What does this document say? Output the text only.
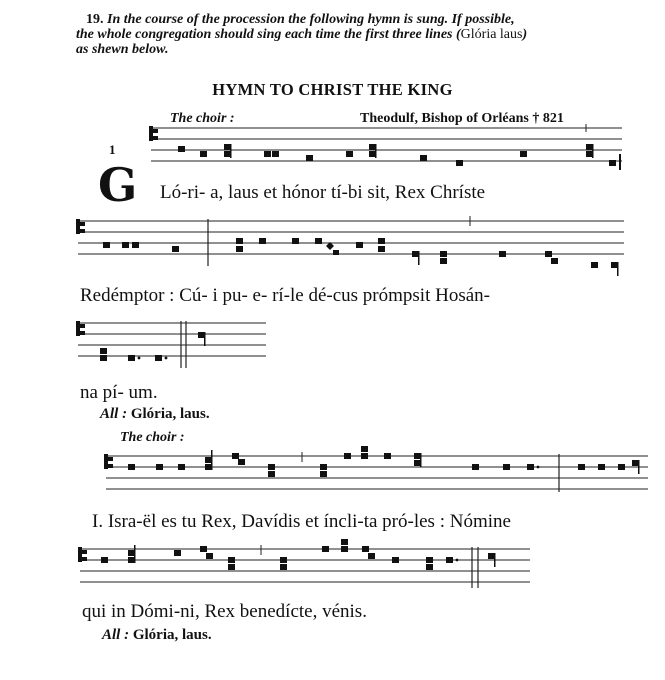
19. In the course of the procession the following hymn is sung. If possible,
the whole congregation should sing each time the first three lines (Glória laus)
as shewn below.
HYMN TO CHRIST THE KING
The choir :	Theodulf, Bishop of Orléans † 821
1
G Ló-ri- a, laus et hónor tí-bi sit, Rex Chríste
Redémptor : Cú- i pu- e- rí-le dé-cus prómpsit Hosán-
na pí- um.
All : Glória, laus.
The choir :
I. Isra-ël es tu Rex, Davídis et íncli-ta pró-les : Nómine
qui in Dómi-ni, Rex benedícte, vénis.
All : Glória, laus.
